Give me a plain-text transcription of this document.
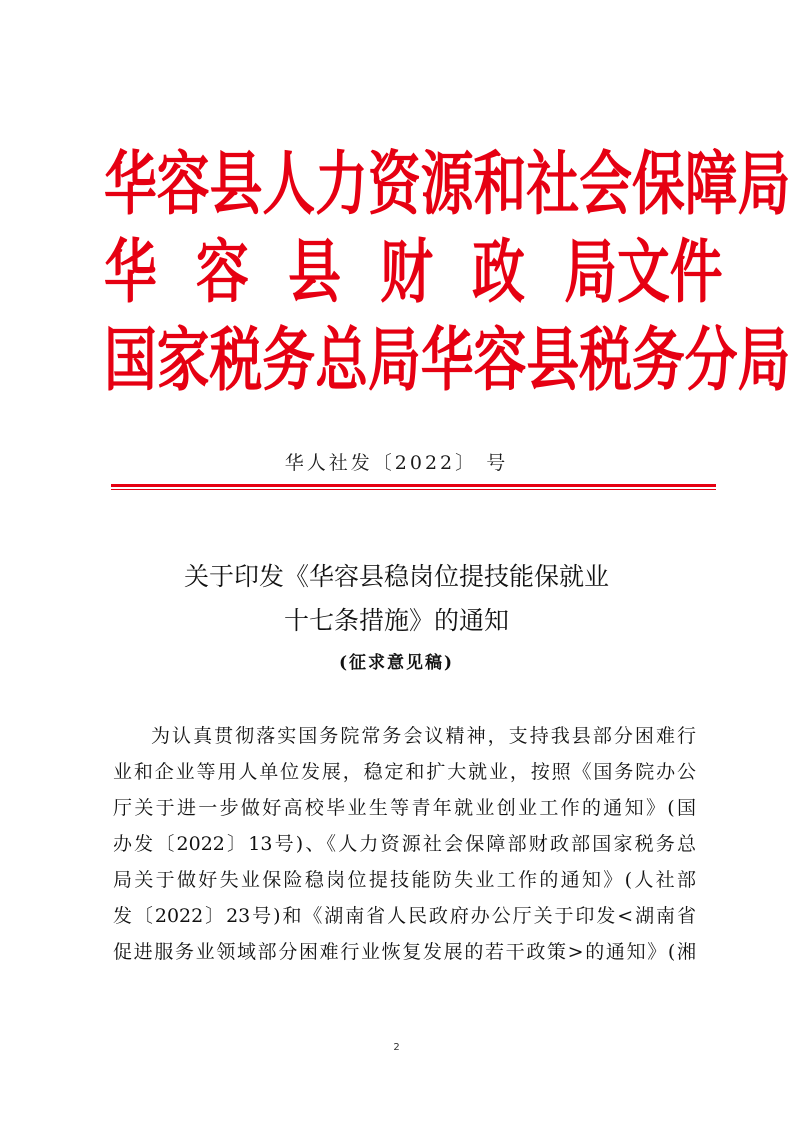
华容县人力资源和社会保障局
华 容 县 财 政 局文件
国家税务总局华容县税务分局
华人社发〔2022〕 号
关于印发《华容县稳岗位提技能保就业
十七条措施》的通知
(征求意见稿)
为认真贯彻落实国务院常务会议精神，支持我县部分困难行
业和企业等用人单位发展，稳定和扩大就业，按照《国务院办公
厅关于进一步做好高校毕业生等青年就业创业工作的通知》(国
办发〔2022〕13号)、《人力资源社会保障部财政部国家税务总
局关于做好失业保险稳岗位提技能防失业工作的通知》(人社部
发〔2022〕23号)和《湖南省人民政府办公厅关于印发<湖南省
促进服务业领域部分困难行业恢复发展的若干政策>的通知》(湘
2
